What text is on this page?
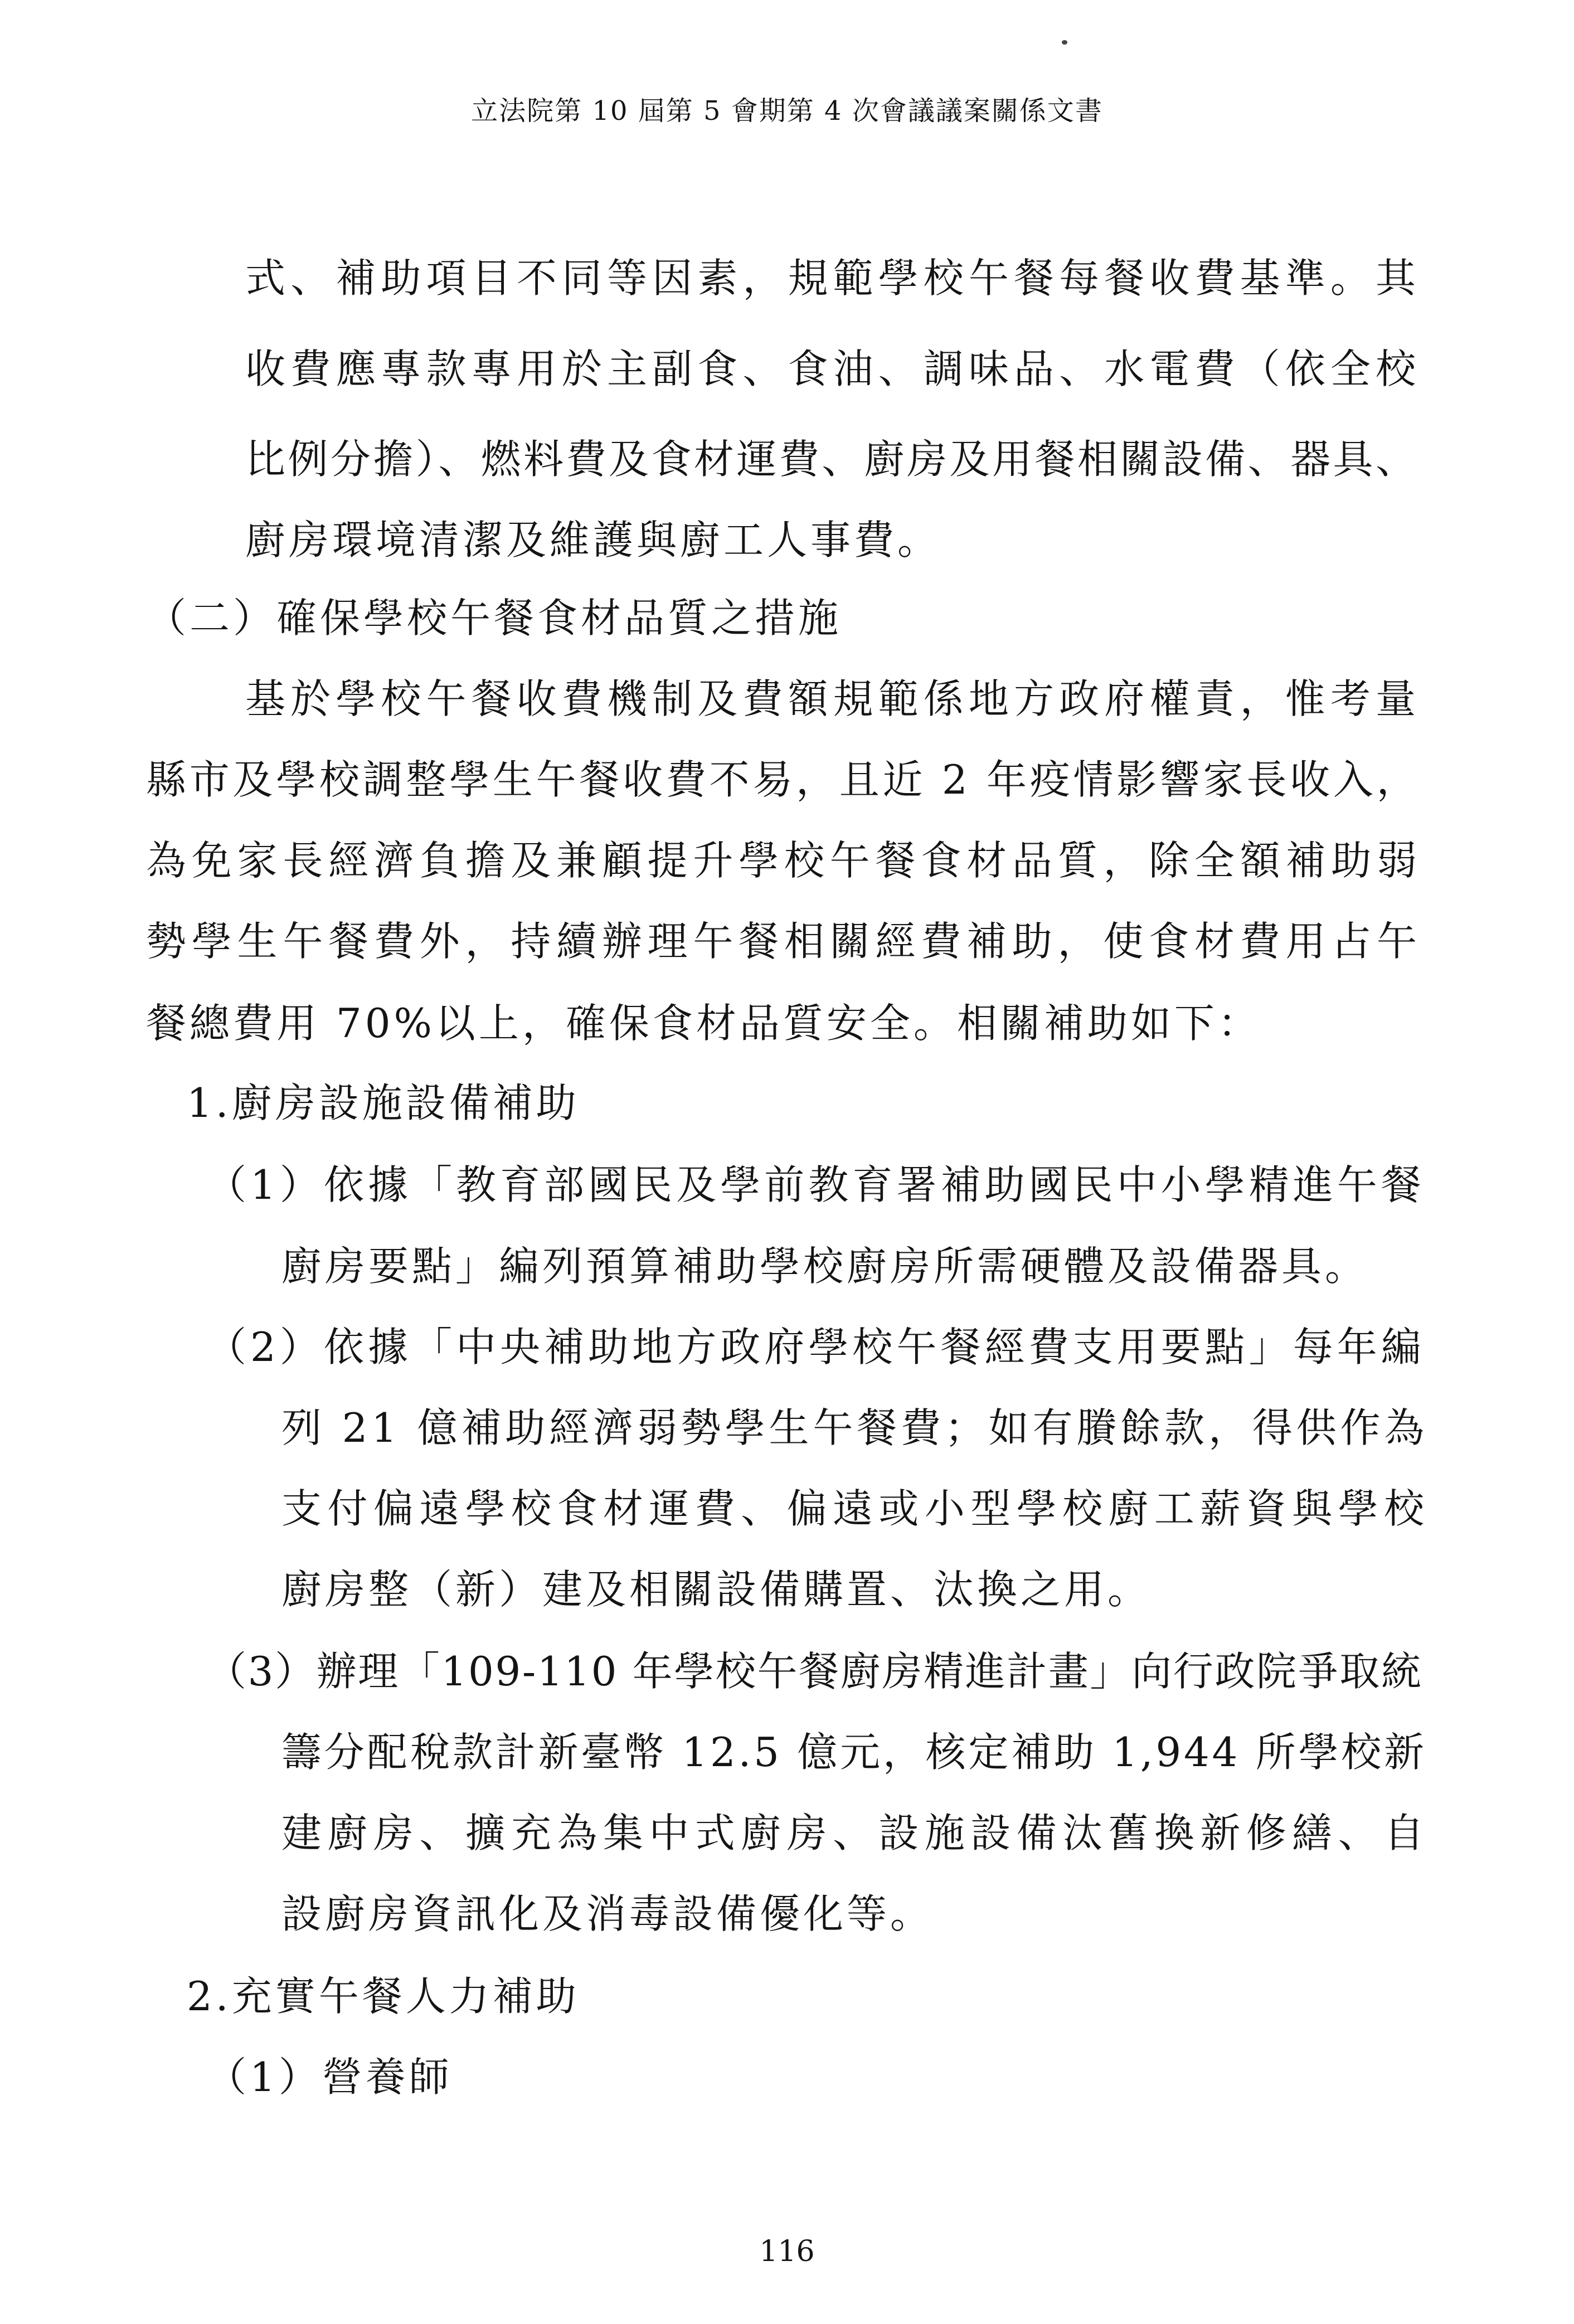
立法院第 10 屆第 5 會期第 4 次會議議案關係文書
式、補助項目不同等因素，規範學校午餐每餐收費基準。其
收費應專款專用於主副食、食油、調味品、水電費（依全校
比例分擔）、燃料費及食材運費、廚房及用餐相關設備、器具、
廚房環境清潔及維護與廚工人事費。
（二）確保學校午餐食材品質之措施
基於學校午餐收費機制及費額規範係地方政府權責，惟考量
縣市及學校調整學生午餐收費不易，且近 2 年疫情影響家長收入，
為免家長經濟負擔及兼顧提升學校午餐食材品質，除全額補助弱
勢學生午餐費外，持續辦理午餐相關經費補助，使食材費用占午
餐總費用 70%以上，確保食材品質安全。相關補助如下：
1.廚房設施設備補助
（1）依據「教育部國民及學前教育署補助國民中小學精進午餐
廚房要點」編列預算補助學校廚房所需硬體及設備器具。
（2）依據「中央補助地方政府學校午餐經費支用要點」每年編
列 21 億補助經濟弱勢學生午餐費；如有賸餘款，得供作為
支付偏遠學校食材運費、偏遠或小型學校廚工薪資與學校
廚房整（新）建及相關設備購置、汰換之用。
（3）辦理「109-110 年學校午餐廚房精進計畫」向行政院爭取統
籌分配稅款計新臺幣 12.5 億元，核定補助 1,944 所學校新
建廚房、擴充為集中式廚房、設施設備汰舊換新修繕、自
設廚房資訊化及消毒設備優化等。
2.充實午餐人力補助
（1）營養師
116
